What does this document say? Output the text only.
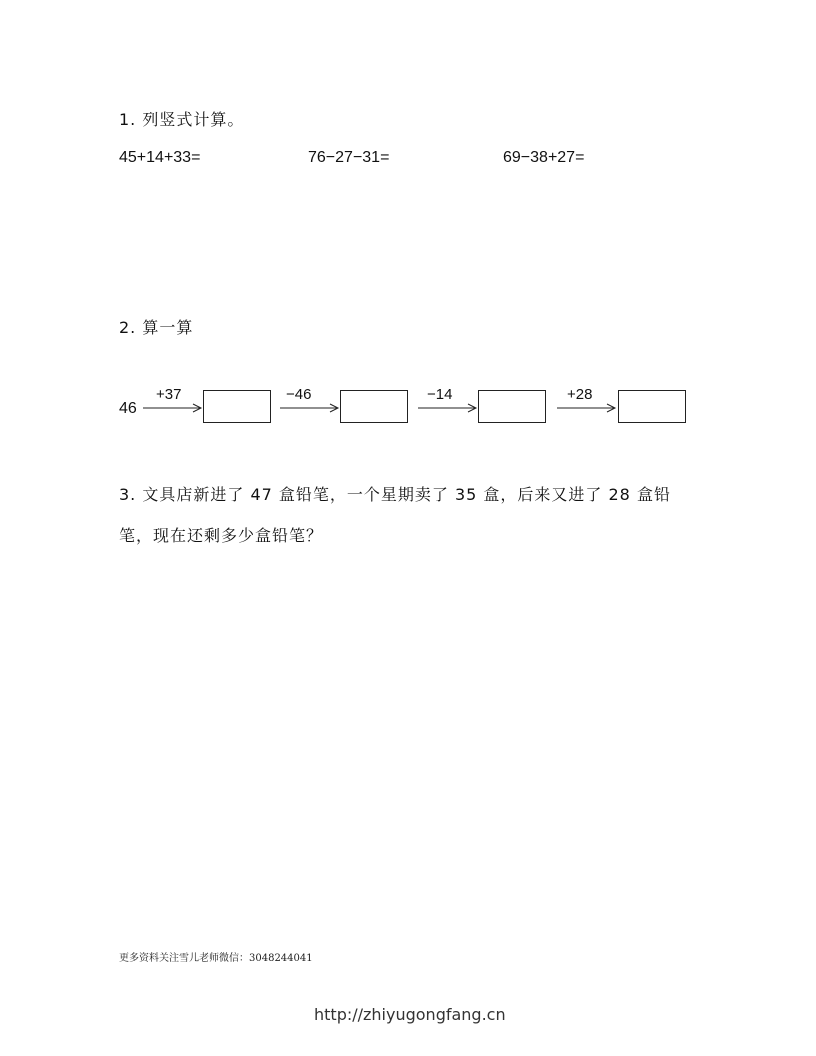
1. 列竖式计算。
45+14+33=	76−27−31=	69−38+27=
2. 算一算
46
+37	−46	−14	+28
3. 文具店新进了 47 盒铅笔，一个星期卖了 35 盒，后来又进了 28 盒铅
笔，现在还剩多少盒铅笔？
更多资料关注雪儿老师微信：3048244041
http://zhiyugongfang.cn
